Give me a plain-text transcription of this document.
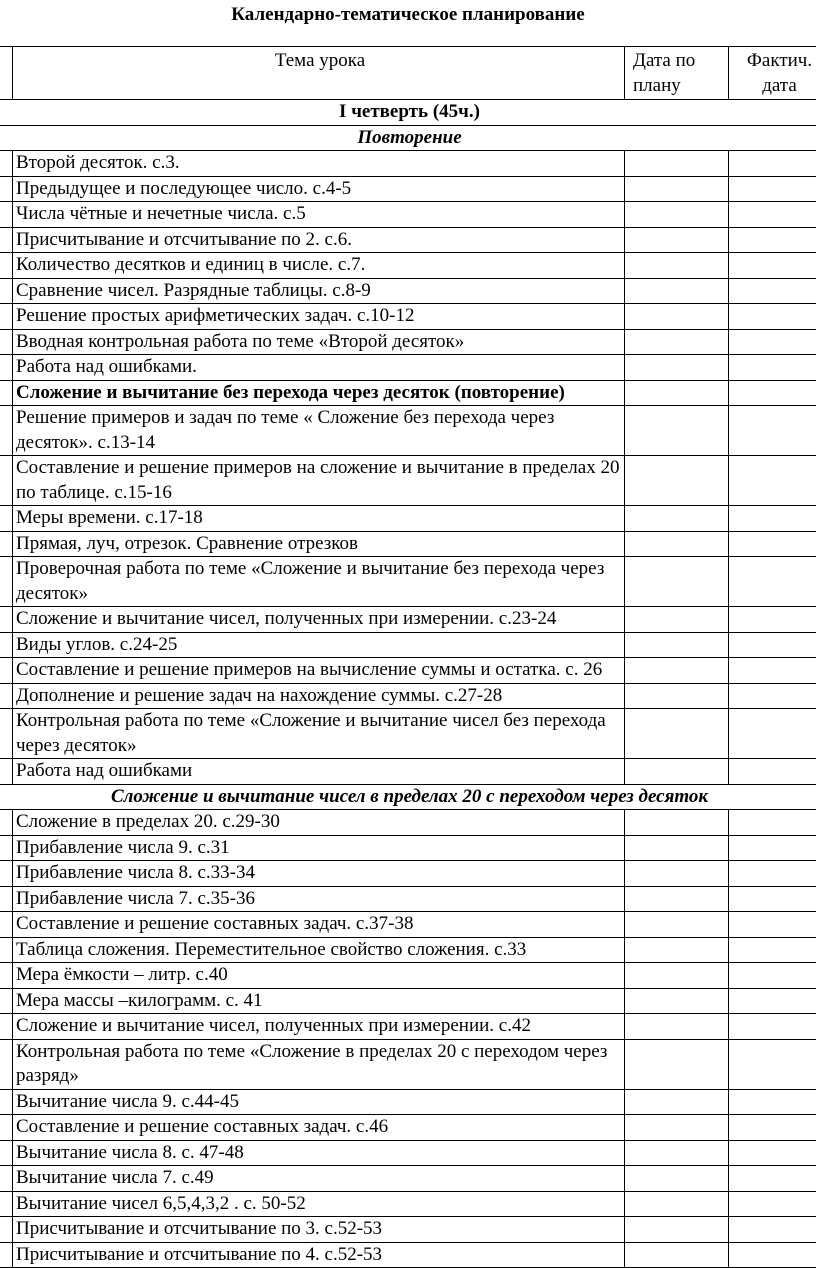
Календарно-тематическое планирование
	Тема урока	Дата по плану	Фактич. дата
I четверть (45ч.)			
Повторение			
	Второй десяток. с.3.		
	Предыдущее и последующее число. с.4-5		
	Числа чётные и нечетные числа. с.5		
	Присчитывание и отсчитывание по 2. с.6.		
	Количество десятков и единиц в числе. с.7.		
	Сравнение чисел. Разрядные таблицы. с.8-9		
	Решение простых арифметических задач. с.10-12		
	Вводная контрольная работа по теме «Второй десяток»		
	Работа над ошибками.		
	Сложение и вычитание без перехода через десяток (повторение)		
	Решение примеров и задач по теме « Сложение без перехода через десяток». с.13-14		
	Составление и решение примеров на сложение и вычитание в пределах 20 по таблице. с.15-16		
	Меры времени. с.17-18		
	Прямая, луч, отрезок. Сравнение отрезков		
	Проверочная работа по теме «Сложение и вычитание без перехода через десяток»		
	Сложение и вычитание чисел, полученных при измерении. с.23-24		
	Виды углов. с.24-25		
	Составление и решение примеров на вычисление суммы и остатка. с. 26		
	Дополнение и решение задач на нахождение суммы. с.27-28		
	Контрольная работа по теме «Сложение и вычитание чисел без перехода через десяток»		
	Работа над ошибками		
Сложение и вычитание чисел в пределах 20 с переходом через десяток			
	Сложение в пределах 20. с.29-30		
	Прибавление числа 9. с.31		
	Прибавление числа 8. с.33-34		
	Прибавление числа 7. с.35-36		
	Составление и решение составных задач. с.37-38		
	Таблица сложения. Переместительное свойство сложения. с.33		
	Мера ёмкости – литр. с.40		
	Мера массы –килограмм. с. 41		
	Сложение и вычитание чисел, полученных при измерении. с.42		
	Контрольная работа по теме «Сложение в пределах 20 с переходом через разряд»		
	Вычитание числа 9. с.44-45		
	Составление и решение составных задач. с.46		
	Вычитание числа 8. с. 47-48		
	Вычитание числа 7. с.49		
	Вычитание чисел 6,5,4,3,2 . с. 50-52		
	Присчитывание и отсчитывание по 3. с.52-53		
	Присчитывание и отсчитывание по 4. с.52-53		
